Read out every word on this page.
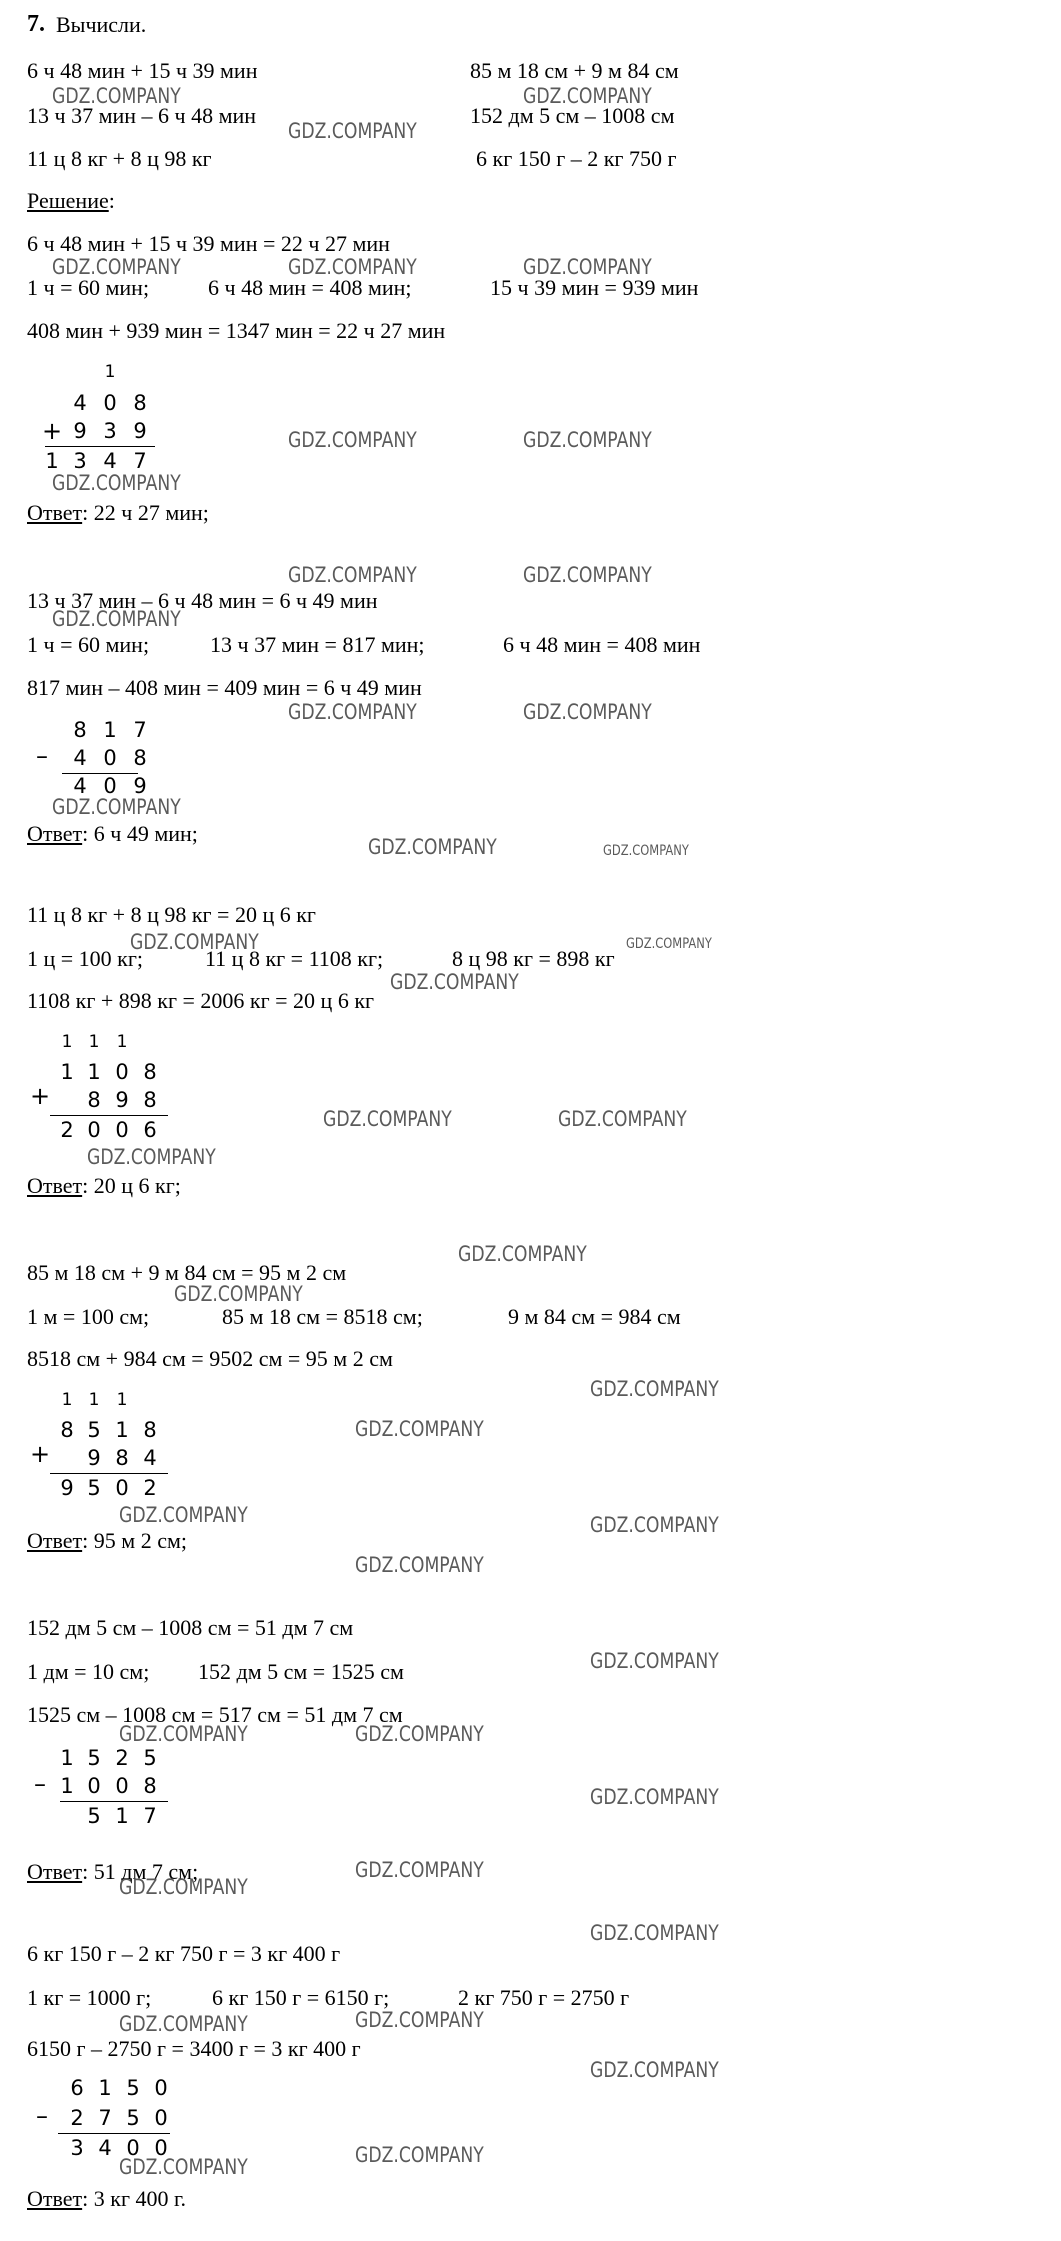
7. Вычисли.
6 ч 48 мин + 15 ч 39 мин	85 м 18 см + 9 м 84 см
13 ч 37 мин – 6 ч 48 мин	152 дм 5 см – 1008 см
11 ц 8 кг + 8 ц 98 кг	6 кг 150 г – 2 кг 750 г
Решение:
6 ч 48 мин + 15 ч 39 мин = 22 ч 27 мин
1 ч = 60 мин;	6 ч 48 мин = 408 мин;	15 ч 39 мин = 939 мин
408 мин + 939 мин = 1347 мин = 22 ч 27 мин
1
4 0 8
+ 9 3 9
1 3 4 7
Ответ: 22 ч 27 мин;
13 ч 37 мин – 6 ч 48 мин = 6 ч 49 мин
1 ч = 60 мин;	13 ч 37 мин = 817 мин;	6 ч 48 мин = 408 мин
817 мин – 408 мин = 409 мин = 6 ч 49 мин
8 1 7
–	4 0 8
4 0 9
Ответ: 6 ч 49 мин;
11 ц 8 кг + 8 ц 98 кг = 20 ц 6 кг
1 ц = 100 кг;	11 ц 8 кг = 1108 кг;	8 ц 98 кг = 898 кг
1108 кг + 898 кг = 2006 кг = 20 ц 6 кг
1 1	1
1 1 0 8
+	8 9 8
2 0 0 6
Ответ: 20 ц 6 кг;
85 м 18 см + 9 м 84 см = 95 м 2 см
1 м = 100 см;	85 м 18 см = 8518 см;	9 м 84 см = 984 см
8518 см + 984 см = 9502 см = 95 м 2 см
1 1	1
8 5 1 8
+	9 8 4
9 5 0 2
Ответ: 95 м 2 см;
152 дм 5 см – 1008 см = 51 дм 7 см
1 дм = 10 см; 152 дм 5 см = 1525 см
1525 см – 1008 см = 517 см = 51 дм 7 см
1 5 2 5
– 1 0 0 8
5 1 7
Ответ: 51 дм 7 см;
6 кг 150 г – 2 кг 750 г = 3 кг 400 г
1 кг = 1000 г;	6 кг 150 г = 6150 г;	2 кг 750 г = 2750 г
6150 г – 2750 г = 3400 г = 3 кг 400 г
6 1 5 0
–	2 7 5 0
3 4 0 0
Ответ: 3 кг 400 г.
GDZ.COMPANY	GDZ.COMPANY
GDZ.COMPANY
GDZ.COMPANY	GDZ.COMPANY	GDZ.COMPANY
GDZ.COMPANY	GDZ.COMPANY
GDZ.COMPANY
GDZ.COMPANY	GDZ.COMPANY
GDZ.COMPANY
GDZ.COMPANY	GDZ.COMPANY
GDZ.COMPANY
GDZ.COMPANY	GDZ.COMPANY
GDZ.COMPANY	GDZ.COMPANY
GDZ.COMPANY
GDZ.COMPANY	GDZ.COMPANY
GDZ.COMPANY
GDZ.COMPANY
GDZ.COMPANY
GDZ.COMPANY
GDZ.COMPANY
GDZ.COMPANY	GDZ.COMPANY
GDZ.COMPANY
GDZ.COMPANY
GDZ.COMPANY	GDZ.COMPANY
GDZ.COMPANY
GDZ.COMPANY
GDZ.COMPANY
GDZ.COMPANY
GDZ.COMPANY	GDZ.COMPANY
GDZ.COMPANY
GDZ.COMPANY
GDZ.COMPANY
